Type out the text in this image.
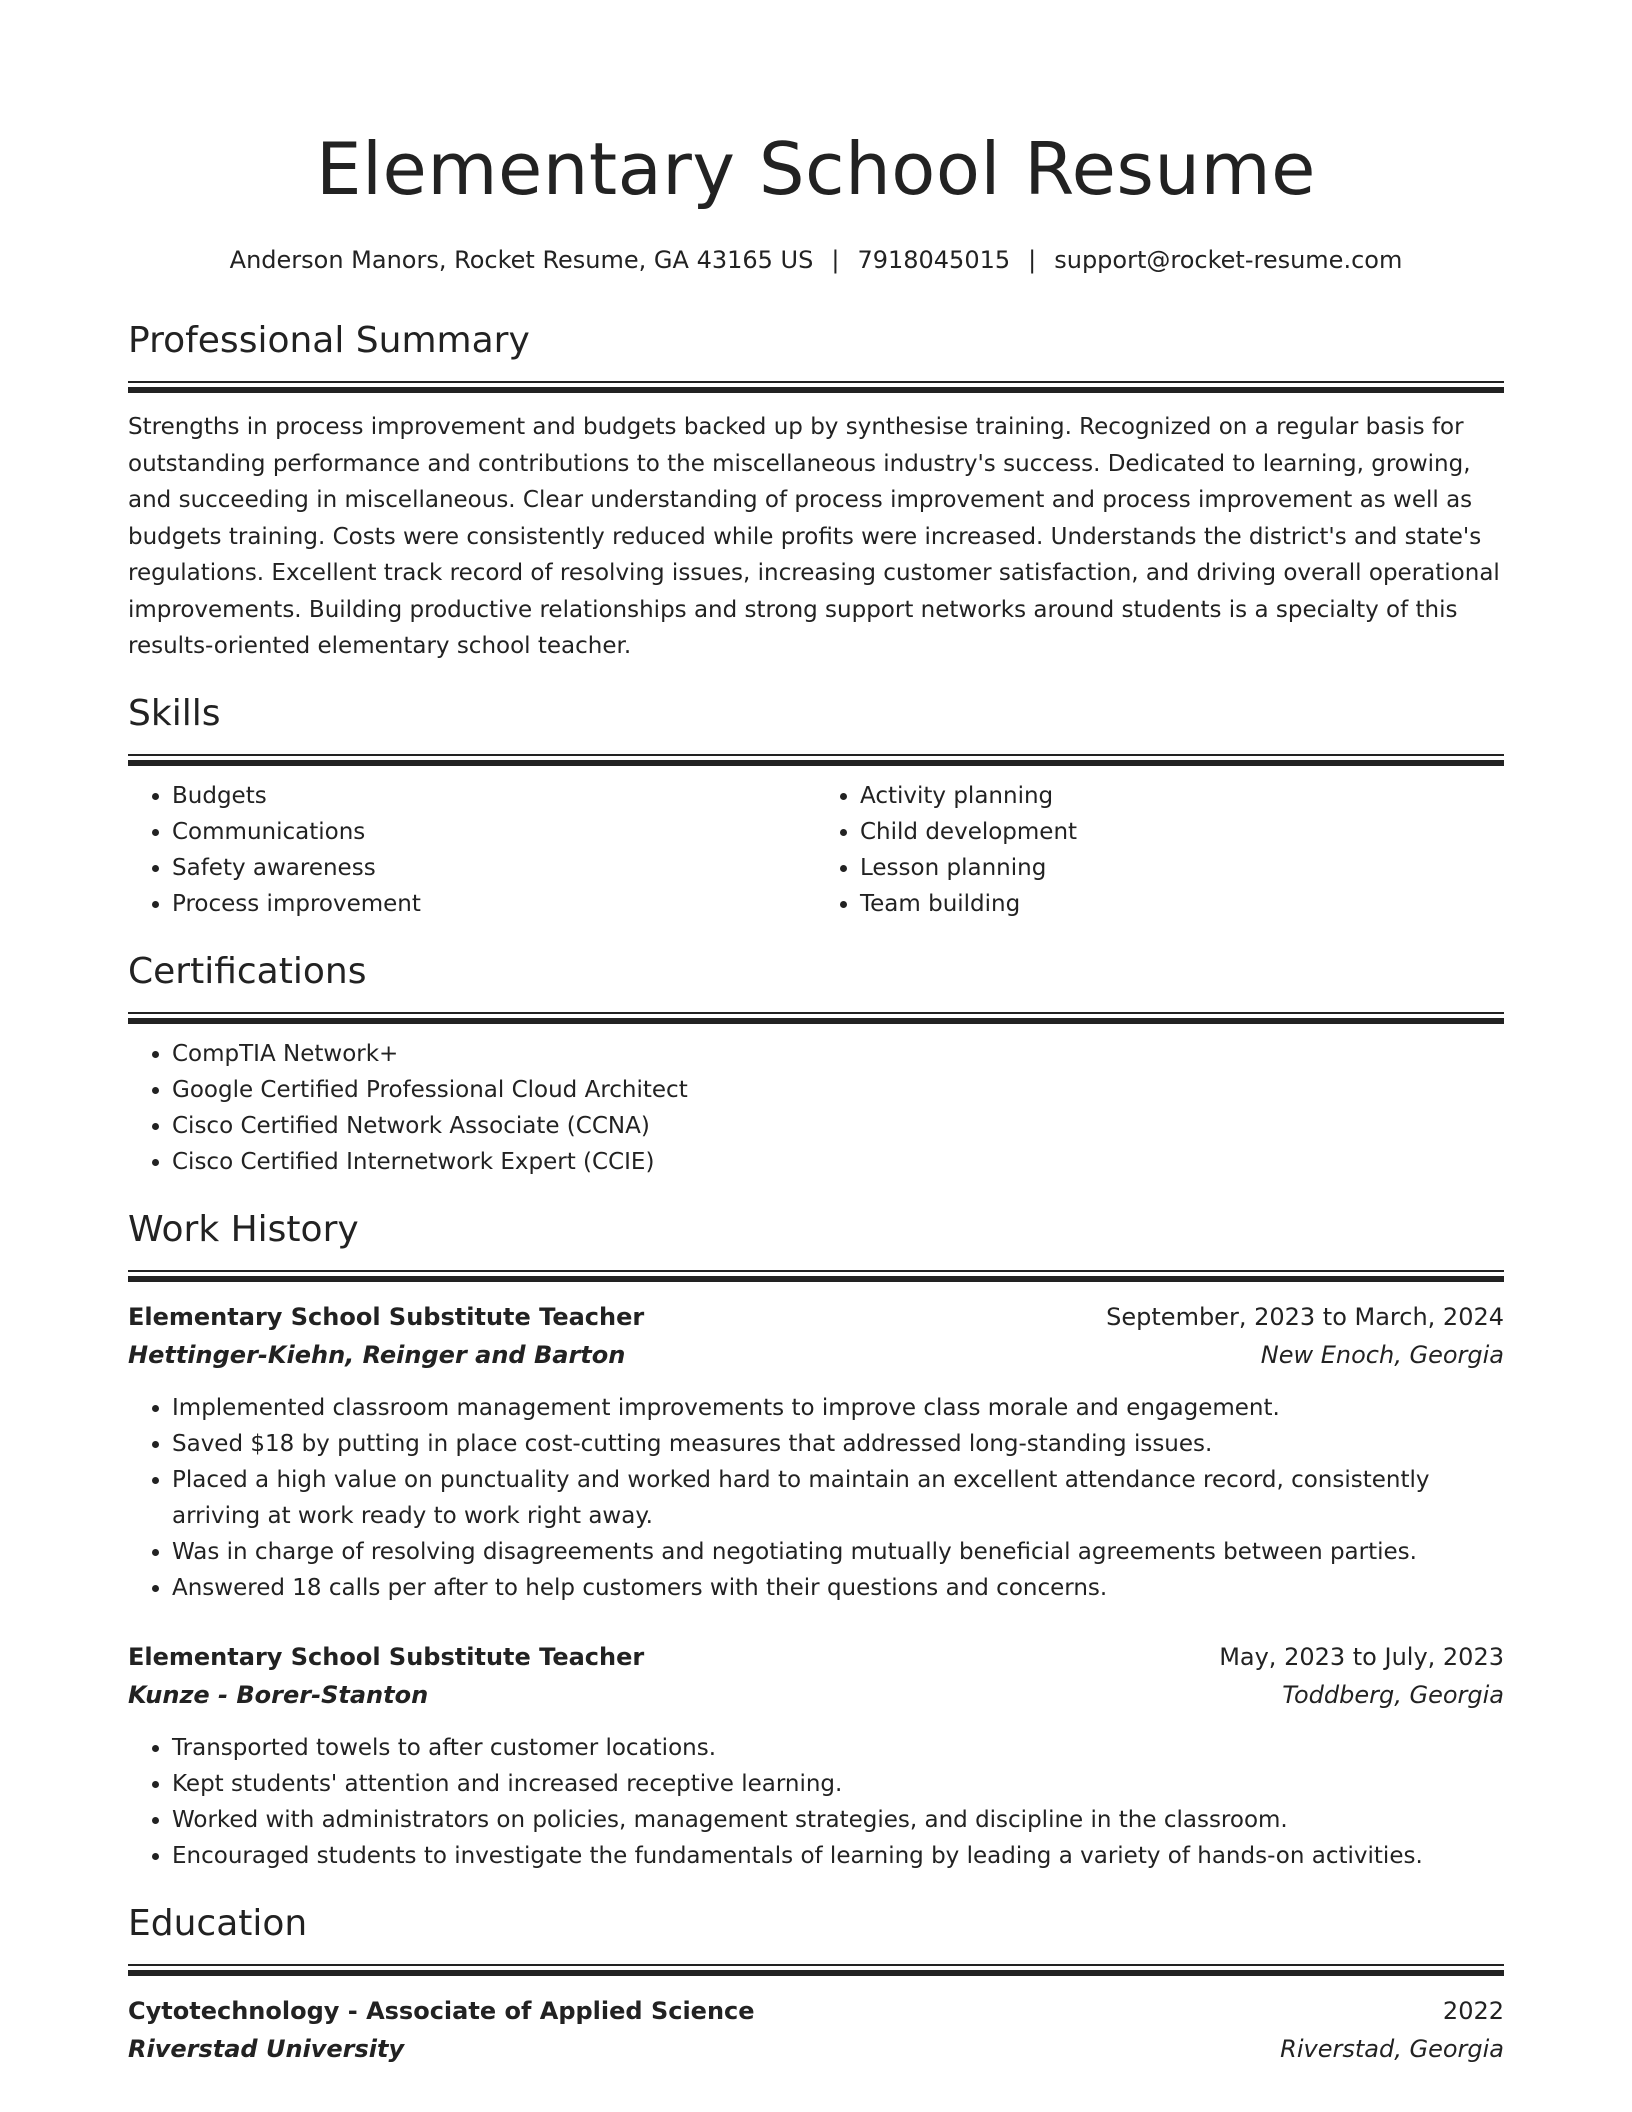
Elementary School Resume
Anderson Manors, Rocket Resume, GA 43165 US | 7918045015 | support@rocket-resume.com
Professional Summary
Strengths in process improvement and budgets backed up by synthesise training. Recognized on a regular basis for outstanding performance and contributions to the miscellaneous industry's success. Dedicated to learning, growing, and succeeding in miscellaneous. Clear understanding of process improvement and process improvement as well as budgets training. Costs were consistently reduced while profits were increased. Understands the district's and state's regulations. Excellent track record of resolving issues, increasing customer satisfaction, and driving overall operational improvements. Building productive relationships and strong support networks around students is a specialty of this results-oriented elementary school teacher.
Skills
• Budgets
• Communications
• Safety awareness
• Process improvement
• Activity planning
• Child development
• Lesson planning
• Team building
Certifications
• CompTIA Network+
• Google Certified Professional Cloud Architect
• Cisco Certified Network Associate (CCNA)
• Cisco Certified Internetwork Expert (CCIE)
Work History
Elementary School Substitute Teacher	September, 2023 to March, 2024
Hettinger-Kiehn, Reinger and Barton	New Enoch, Georgia
• Implemented classroom management improvements to improve class morale and engagement.
• Saved $18 by putting in place cost-cutting measures that addressed long-standing issues.
• Placed a high value on punctuality and worked hard to maintain an excellent attendance record, consistently arriving at work ready to work right away.
• Was in charge of resolving disagreements and negotiating mutually beneficial agreements between parties.
• Answered 18 calls per after to help customers with their questions and concerns.
Elementary School Substitute Teacher	May, 2023 to July, 2023
Kunze - Borer-Stanton	Toddberg, Georgia
• Transported towels to after customer locations.
• Kept students' attention and increased receptive learning.
• Worked with administrators on policies, management strategies, and discipline in the classroom.
• Encouraged students to investigate the fundamentals of learning by leading a variety of hands-on activities.
Education
Cytotechnology - Associate of Applied Science	2022
Riverstad University	Riverstad, Georgia
